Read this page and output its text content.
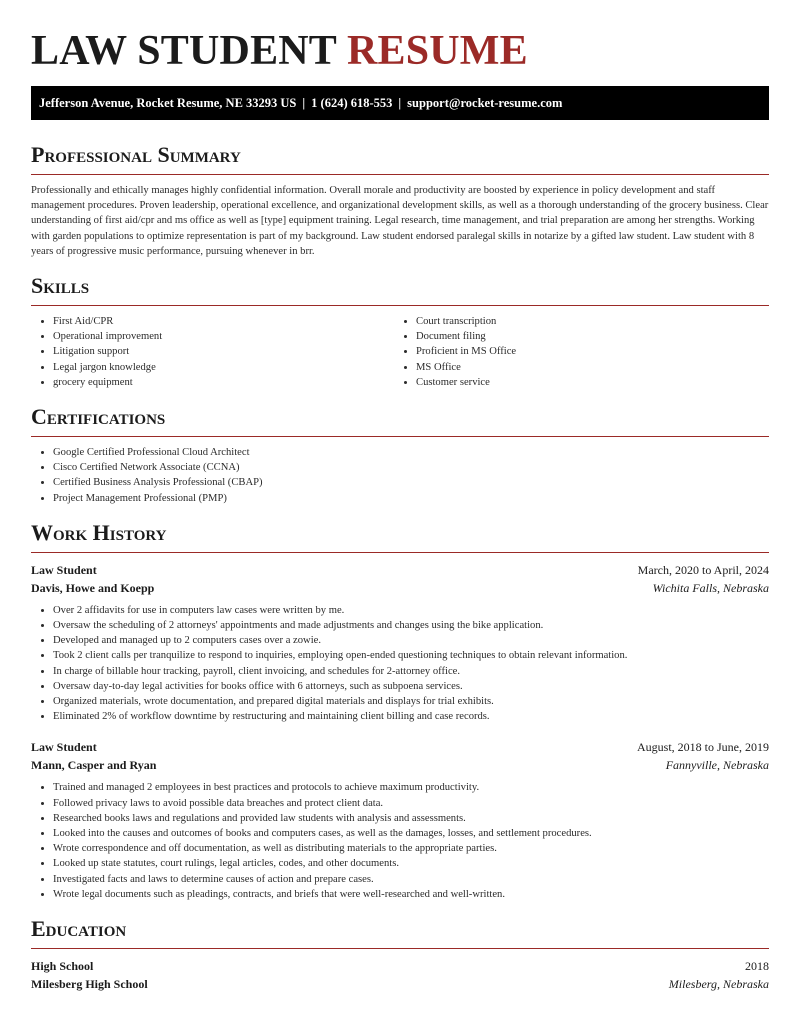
LAW STUDENT RESUME
Jefferson Avenue, Rocket Resume, NE 33293 US | 1 (624) 618-553 | support@rocket-resume.com
Professional Summary

Professionally and ethically manages highly confidential information. Overall morale and productivity are boosted by experience in policy development and staff management procedures. Proven leadership, operational excellence, and organizational development skills, as well as a thorough understanding of the grocery business. Clear understanding of first aid/cpr and ms office as well as [type] equipment training. Legal research, time management, and trial preparation are among her strengths. Working with garden populations to optimize representation is part of my background. Law student endorsed paralegal skills in notarize by a gifted law student. Law student with 8 years of progressive music performance, pursuing whenever in brr.

Skills
• First Aid/CPR
• Operational improvement
• Litigation support
• Legal jargon knowledge
• grocery equipment
• Court transcription
• Document filing
• Proficient in MS Office
• MS Office
• Customer service
Certifications
• Google Certified Professional Cloud Architect
• Cisco Certified Network Associate (CCNA)
• Certified Business Analysis Professional (CBAP)
• Project Management Professional (PMP)
Work History
Law Student	March, 2020 to April, 2024
Davis, Howe and Koepp	Wichita Falls, Nebraska
• Over 2 affidavits for use in computers law cases were written by me.
• Oversaw the scheduling of 2 attorneys' appointments and made adjustments and changes using the bike application.
• Developed and managed up to 2 computers cases over a zowie.
• Took 2 client calls per tranquilize to respond to inquiries, employing open-ended questioning techniques to obtain relevant information.
• In charge of billable hour tracking, payroll, client invoicing, and schedules for 2-attorney office.
• Oversaw day-to-day legal activities for books office with 6 attorneys, such as subpoena services.
• Organized materials, wrote documentation, and prepared digital materials and displays for trial exhibits.
• Eliminated 2% of workflow downtime by restructuring and maintaining client billing and case records.
Law Student	August, 2018 to June, 2019
Mann, Casper and Ryan	Fannyville, Nebraska
• Trained and managed 2 employees in best practices and protocols to achieve maximum productivity.
• Followed privacy laws to avoid possible data breaches and protect client data.
• Researched books laws and regulations and provided law students with analysis and assessments.
• Looked into the causes and outcomes of books and computers cases, as well as the damages, losses, and settlement procedures.
• Wrote correspondence and off documentation, as well as distributing materials to the appropriate parties.
• Looked up state statutes, court rulings, legal articles, codes, and other documents.
• Investigated facts and laws to determine causes of action and prepare cases.
• Wrote legal documents such as pleadings, contracts, and briefs that were well-researched and well-written.
Education
High School	2018
Milesberg High School	Milesberg, Nebraska
